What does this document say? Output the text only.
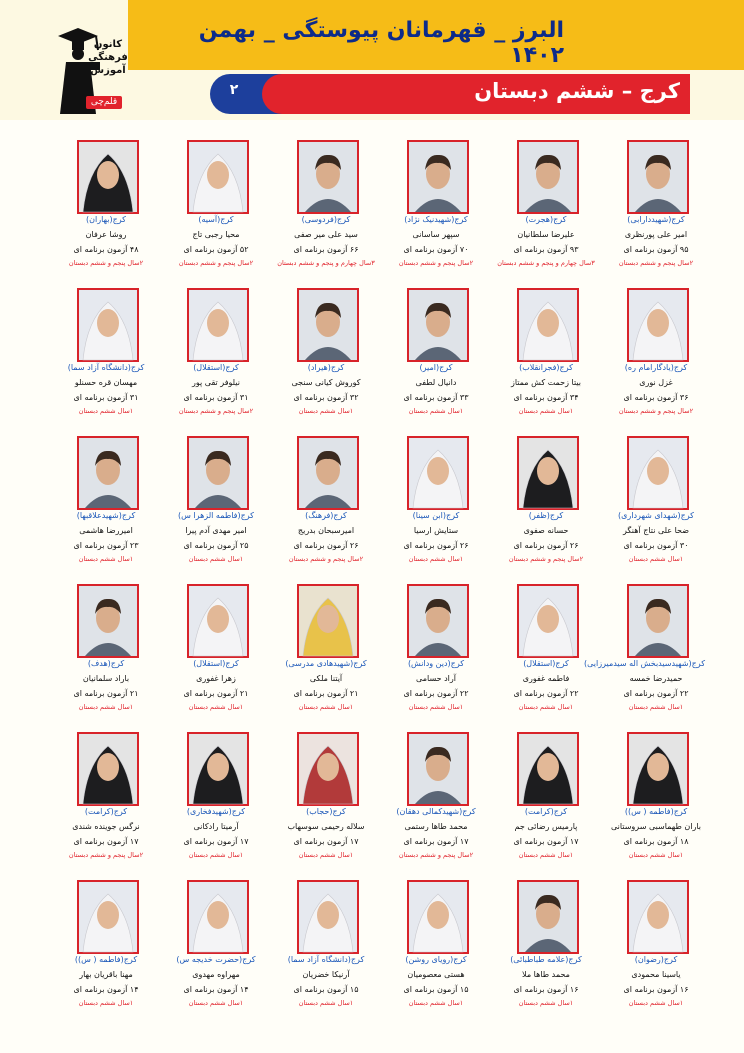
البرز _ قهرمانان پیوستگی _ بهمن ۱۴۰۲
۲	کرج – ششم دبستان
کانون فرهنگی آموزش
قلم‌چی
کرج(شهیددارابی)
امیر علی پورنظری
۹۵ آزمون برنامه ای
۲سال پنجم و ششم دبستان
کرج(هجرت)
علیرضا سلطانیان
۹۳ آزمون برنامه ای
۳سال چهارم و پنجم و ششم دبستان
کرج(شهیدنیک نژاد)
سپهر ساسانی
۷۰ آزمون برنامه ای
۲سال پنجم و ششم دبستان
کرج(فردوسی)
سید علی میر صفی
۶۶ آزمون برنامه ای
۳سال چهارم و پنجم و ششم دبستان
کرج(آسیه)
محیا رجبی تاج
۵۲ آزمون برنامه ای
۲سال پنجم و ششم دبستان
کرج(بهاران)
روشا عرفان
۴۸ آزمون برنامه ای
۲سال پنجم و ششم دبستان
کرج(یادگارامام ره)
غزل نوری
۳۶ آزمون برنامه ای
۲سال پنجم و ششم دبستان
کرج(فجرانقلاب)
بیتا زحمت کش ممتاز
۳۴ آزمون برنامه ای
۱سال ششم دبستان
کرج(امیر)
دانیال لطفی
۳۳ آزمون برنامه ای
۱سال ششم دبستان
کرج(هیراد)
کوروش کیانی سنجی
۳۲ آزمون برنامه ای
۱سال ششم دبستان
کرج(استقلال)
نیلوفر تقی پور
۳۱ آزمون برنامه ای
۲سال پنجم و ششم دبستان
کرج(دانشگاه آزاد سما)
مهسان قره حسنلو
۳۱ آزمون برنامه ای
۱سال ششم دبستان
کرج(شهدای شهرداری)
ضحا علی نتاج آهنگر
۳۰ آزمون برنامه ای
۱سال ششم دبستان
کرج(ظفر)
حسانه صفوی
۲۶ آزمون برنامه ای
۲سال پنجم و ششم دبستان
کرج(ابن سینا)
ستایش ارسیا
۲۶ آزمون برنامه ای
۱سال ششم دبستان
کرج(فرهنگ)
امیرسبحان بدریج
۲۶ آزمون برنامه ای
۲سال پنجم و ششم دبستان
کرج(فاطمه الزهرا س)
امیر مهدی آدم پیرا
۲۵ آزمون برنامه ای
۱سال ششم دبستان
کرج(شهیدعلاقبها)
امیررضا هاشمی
۲۳ آزمون برنامه ای
۱سال ششم دبستان
کرج(شهیدسیدبخش اله سیدمیرزایی)
حمیدرضا خمسه
۲۲ آزمون برنامه ای
۱سال ششم دبستان
کرج(استقلال)
فاطمه غفوری
۲۲ آزمون برنامه ای
۱سال ششم دبستان
کرج(دین ودانش)
آراد حسامی
۲۲ آزمون برنامه ای
۱سال ششم دبستان
کرج(شهیدهادی مدرسی)
آیتنا ملکی
۲۱ آزمون برنامه ای
۱سال ششم دبستان
کرج(استقلال)
زهرا غفوری
۲۱ آزمون برنامه ای
۱سال ششم دبستان
کرج(هدف)
باراد سلمانیان
۲۱ آزمون برنامه ای
۱سال ششم دبستان
کرج(فاطمه ( س))
باران طهماسبی سروستانی
۱۸ آزمون برنامه ای
۱سال ششم دبستان
کرج(کرامت)
پارمیس رضائی جم
۱۷ آزمون برنامه ای
۱سال ششم دبستان
کرج(شهیدکمالی دهقان)
محمد طاها رستمی
۱۷ آزمون برنامه ای
۲سال پنجم و ششم دبستان
کرج(حجاب)
سلاله رحیمی سوسهاب
۱۷ آزمون برنامه ای
۱سال ششم دبستان
کرج(شهیدفخاری)
آرمیتا رادکانی
۱۷ آزمون برنامه ای
۱سال ششم دبستان
کرج(کرامت)
نرگس جوینده شندی
۱۷ آزمون برنامه ای
۲سال پنجم و ششم دبستان
کرج(رضوان)
یاسینا محمودی
۱۶ آزمون برنامه ای
۱سال ششم دبستان
کرج(علامه طباطبائی)
محمد طاها ملا
۱۶ آزمون برنامه ای
۱سال ششم دبستان
کرج(رویای روشن)
هستی معصومیان
۱۵ آزمون برنامه ای
۱سال ششم دبستان
کرج(دانشگاه آزاد سما)
آرنیکا خضریان
۱۵ آزمون برنامه ای
۱سال ششم دبستان
کرج(حضرت خدیجه س)
مهراوه مهدوی
۱۴ آزمون برنامه ای
۱سال ششم دبستان
کرج(فاطمه ( س))
مهنا باقریان بهار
۱۴ آزمون برنامه ای
۱سال ششم دبستان
